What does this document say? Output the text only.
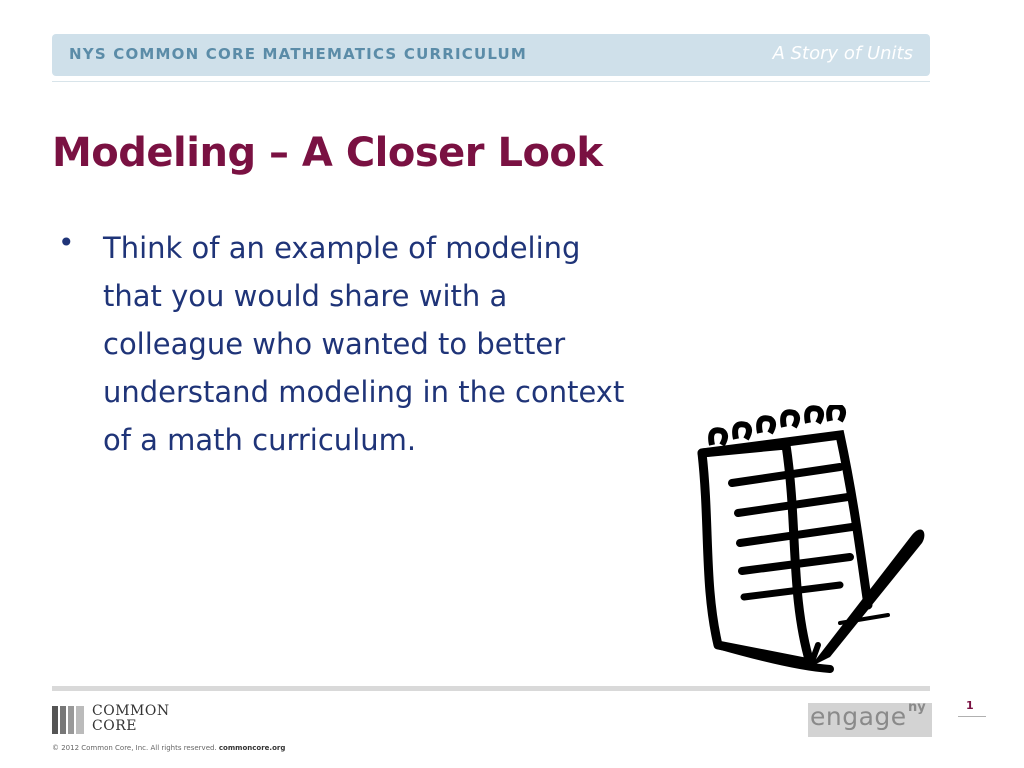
NYS COMMON CORE MATHEMATICS CURRICULUM	A Story of Units
Modeling – A Closer Look
• Think of an example of modeling that you would share with a colleague who wanted to better understand modeling in the context of a math curriculum.
COMMON
CORE
© 2012 Common Core, Inc. All rights reserved. commoncore.org
engage ny	1
